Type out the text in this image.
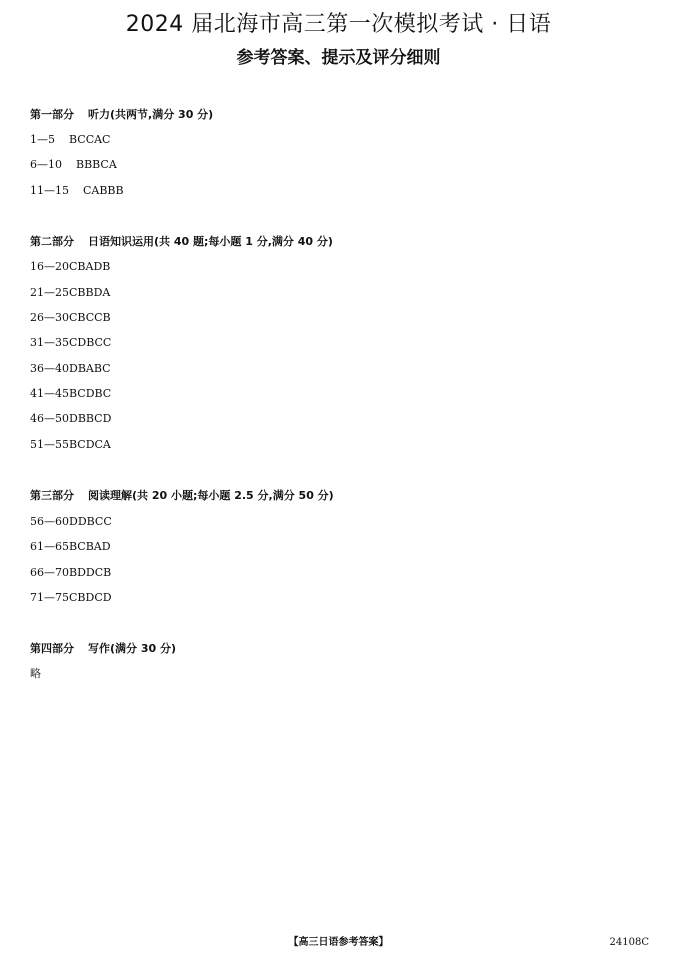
2024 届北海市高三第一次模拟考试 · 日语
参考答案、提示及评分细则
第一部分 听力(共两节,满分 30 分)
1—5    BCCAC
6—10    BBBCA
11—15    CABBB
第二部分 日语知识运用(共 40 题;每小题 1 分,满分 40 分)
16—20CBADB
21—25CBBDA
26—30CBCCB
31—35CDBCC
36—40DBABC
41—45BCDBC
46—50DBBCD
51—55BCDCA
第三部分 阅读理解(共 20 小题;每小题 2.5 分,满分 50 分)
56—60DDBCC
61—65BCBAD
66—70BDDCB
71—75CBDCD
第四部分 写作(满分 30 分)
略
【高三日语参考答案】	24108C
